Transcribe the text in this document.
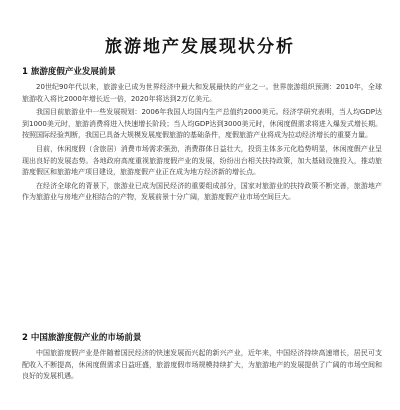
旅游地产发展现状分析
1 旅游度假产业发展前景

20世纪90年代以来，旅游业已成为世界经济中最大和发展最快的产业之一。世界旅游组织预测：2010年，全球旅游收入将比2000年增长近一倍，2020年将达到2万亿美元。

我国目前旅游业中一些发展规划：2006年我国人均国内生产总值约2000美元。经济学研究表明，当人均GDP达到1000美元时，旅游消费将进入快速增长阶段；当人均GDP达到3000美元时，休闲度假需求将进入爆发式增长期。按照国际经验判断，我国已具备大规模发展度假旅游的基础条件，度假旅游产业将成为拉动经济增长的重要力量。

目前，休闲度假（含旅居）消费市场需求强劲，消费群体日益壮大，投资主体多元化趋势明显，休闲度假产业呈现出良好的发展态势。各地政府高度重视旅游度假产业的发展，纷纷出台相关扶持政策，加大基础设施投入，推动旅游度假区和旅游地产项目建设，旅游度假产业正在成为地方经济新的增长点。

在经济全球化的背景下，旅游业已成为国民经济的重要组成部分，国家对旅游业的扶持政策不断完善，旅游地产作为旅游业与房地产业相结合的产物，发展前景十分广阔，旅游度假产业市场空间巨大。

2 中国旅游度假产业的市场前景

中国旅游度假产业是伴随着国民经济的快速发展而兴起的新兴产业，近年来，中国经济持续高速增长，居民可支配收入不断提高，休闲度假需求日益旺盛，旅游度假市场规模持续扩大，为旅游地产的发展提供了广阔的市场空间和良好的发展机遇。
